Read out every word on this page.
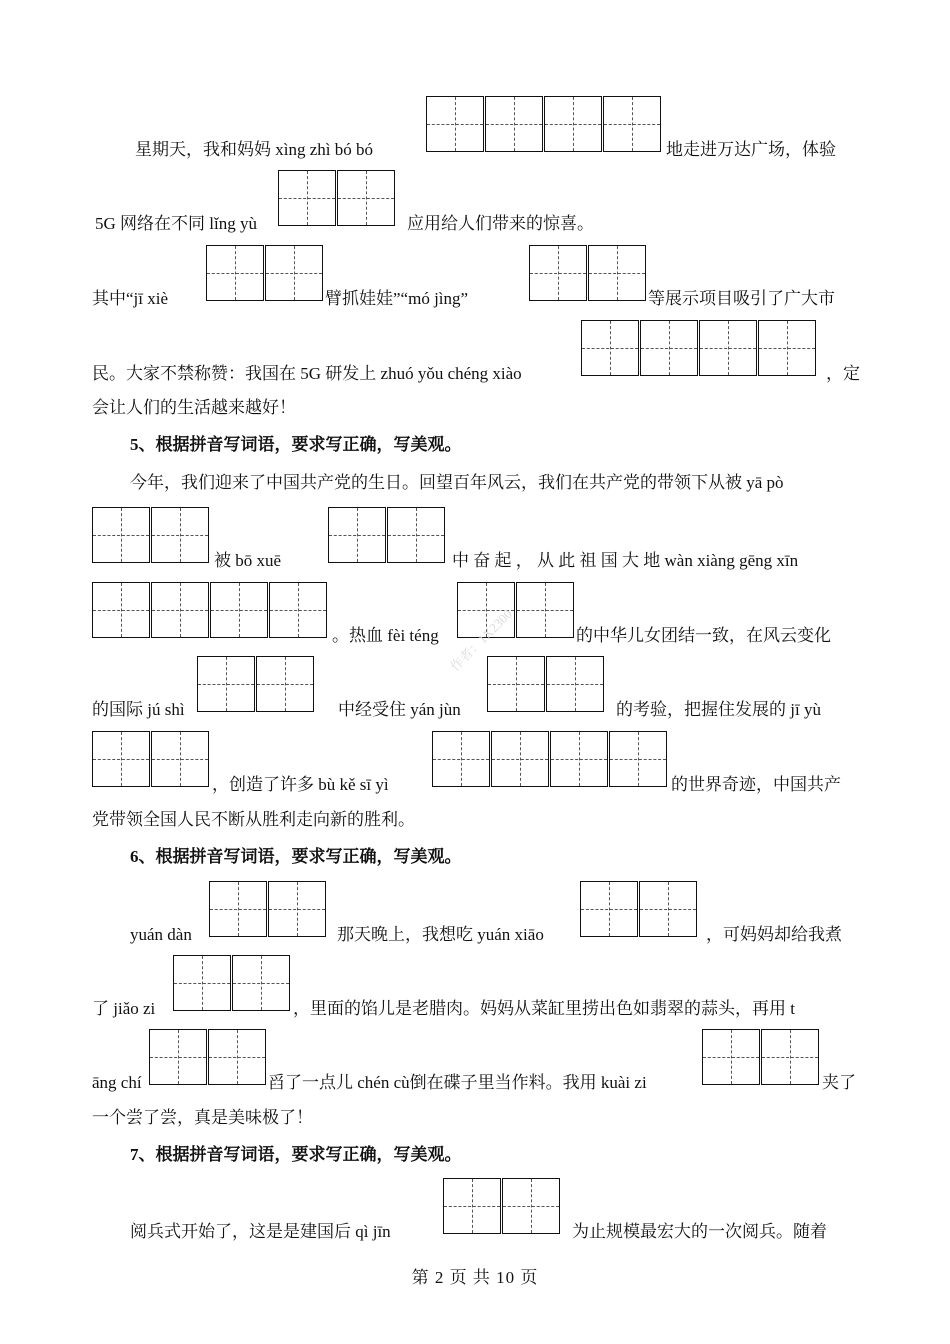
星期天，我和妈妈 xìng zhì bó bó	地走进万达广场，体验
5G 网络在不同 lǐng yù	应用给人们带来的惊喜。
其中“jī xiè	臂抓娃娃”“mó jìng”	等展示项目吸引了广大市
民。大家不禁称赞：我国在 5G 研发上 zhuó yǒu chéng xiào	，定
会让人们的生活越来越好！
5、根据拼音写词语，要求写正确，写美观。
今年，我们迎来了中国共产党的生日。回望百年风云，我们在共产党的带领下从被 yā pò
被 bō xuē	中 奋 起 ， 从 此 祖 国 大 地 wàn xiàng gēng xīn
。热血 fèi téng	的中华儿女团结一致，在风云变化
的国际 jú shì	中经受住 yán jùn	的考验，把握住发展的 jī yù
，创造了许多 bù kě sī yì	的世界奇迹，中国共产
党带领全国人民不断从胜利走向新的胜利。
6、根据拼音写词语，要求写正确，写美观。
yuán dàn	那天晚上，我想吃 yuán xiāo	，可妈妈却给我煮
了 jiǎo zi	，里面的馅儿是老腊肉。妈妈从菜缸里捞出色如翡翠的蒜头，再用 t
āng chí	舀了一点儿 chén cù倒在碟子里当作料。我用 kuài zi	夹了
一个尝了尝，真是美味极了！
7、根据拼音写词语，要求写正确，写美观。
阅兵式开始了，这是是建国后 qì jīn	为止规模最宏大的一次阅兵。随着
作者：1X2300
第 2 页 共 10 页
